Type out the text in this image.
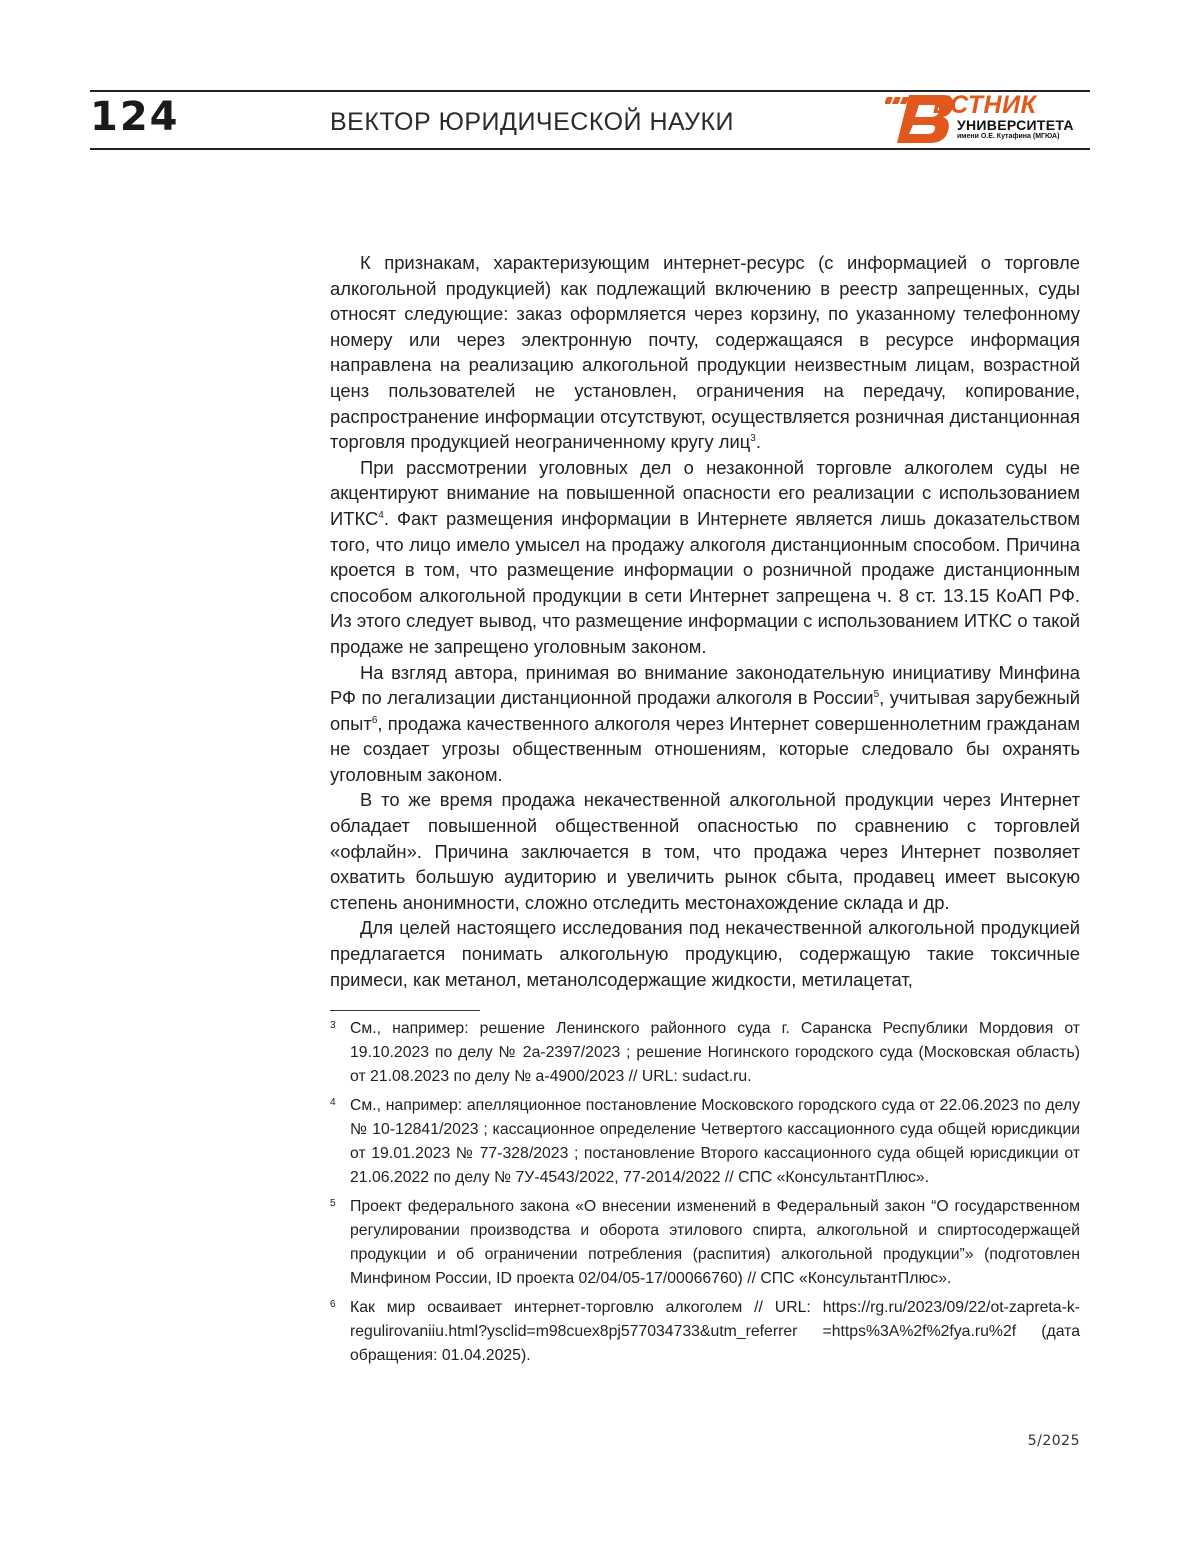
124	ВЕКТОР ЮРИДИЧЕСКОЙ НАУКИ
ЕСТНИК
УНИВЕРСИТЕТА
имени О.Е. Кутафина (МГЮА)

К признакам, характеризующим интернет-ресурс (с информацией о торговле алкогольной продукцией) как подлежащий включению в реестр запрещенных, суды относят следующие: заказ оформляется через корзину, по указанному телефонному номеру или через электронную почту, содержащаяся в ресурсе информация направлена на реализацию алкогольной продукции неизвестным лицам, возрастной ценз пользователей не установлен, ограничения на передачу, копирование, распространение информации отсутствуют, осуществляется розничная дистанционная торговля продукцией неограниченному кругу лиц$^3$.

При рассмотрении уголовных дел о незаконной торговле алкоголем суды не акцентируют внимание на повышенной опасности его реализации с использованием ИТКС$^4$. Факт размещения информации в Интернете является лишь доказательством того, что лицо имело умысел на продажу алкоголя дистанционным способом. Причина кроется в том, что размещение информации о розничной продаже дистанционным способом алкогольной продукции в сети Интернет запрещена ч. 8 ст. 13.15 КоАП РФ. Из этого следует вывод, что размещение информации с использованием ИТКС о такой продаже не запрещено уголовным законом.

На взгляд автора, принимая во внимание законодательную инициативу Минфина РФ по легализации дистанционной продажи алкоголя в России$^5$, учитывая зарубежный опыт$^6$, продажа качественного алкоголя через Интернет совершеннолетним гражданам не создает угрозы общественным отношениям, которые следовало бы охранять уголовным законом.

В то же время продажа некачественной алкогольной продукции через Интернет обладает повышенной общественной опасностью по сравнению с торговлей «офлайн». Причина заключается в том, что продажа через Интернет позволяет охватить большую аудиторию и увеличить рынок сбыта, продавец имеет высокую степень анонимности, сложно отследить местонахождение склада и др.

Для целей настоящего исследования под некачественной алкогольной продукцией предлагается понимать алкогольную продукцию, содержащую такие токсичные примеси, как метанол, метанолсодержащие жидкости, метилацетат,

3 См., например: решение Ленинского районного суда г. Саранска Республики Мордовия от 19.10.2023 по делу № 2а-2397/2023 ; решение Ногинского городского суда (Московская область) от 21.08.2023 по делу № а-4900/2023 // URL: sudact.ru.
4 См., например: апелляционное постановление Московского городского суда от 22.06.2023 по делу № 10-12841/2023 ; кассационное определение Четвертого кассационного суда общей юрисдикции от 19.01.2023 № 77-328/2023 ; постановление Второго кассационного суда общей юрисдикции от 21.06.2022 по делу № 7У-4543/2022, 77-2014/2022 // СПС «КонсультантПлюс».
5 Проект федерального закона «О внесении изменений в Федеральный закон “О государственном регулировании производства и оборота этилового спирта, алкогольной и спиртосодержащей продукции и об ограничении потребления (распития) алкогольной продукции”» (подготовлен Минфином России, ID проекта 02/04/05-17/00066760) // СПС «КонсультантПлюс».
6 Как мир осваивает интернет-торговлю алкоголем // URL: https://rg.ru/2023/09/22/ot-zapreta-k-regulirovaniiu.html?ysclid=m98cuex8pj577034733&utm_referrer =https%3A%2f%2fya.ru%2f (дата обращения: 01.04.2025).
5/2025
